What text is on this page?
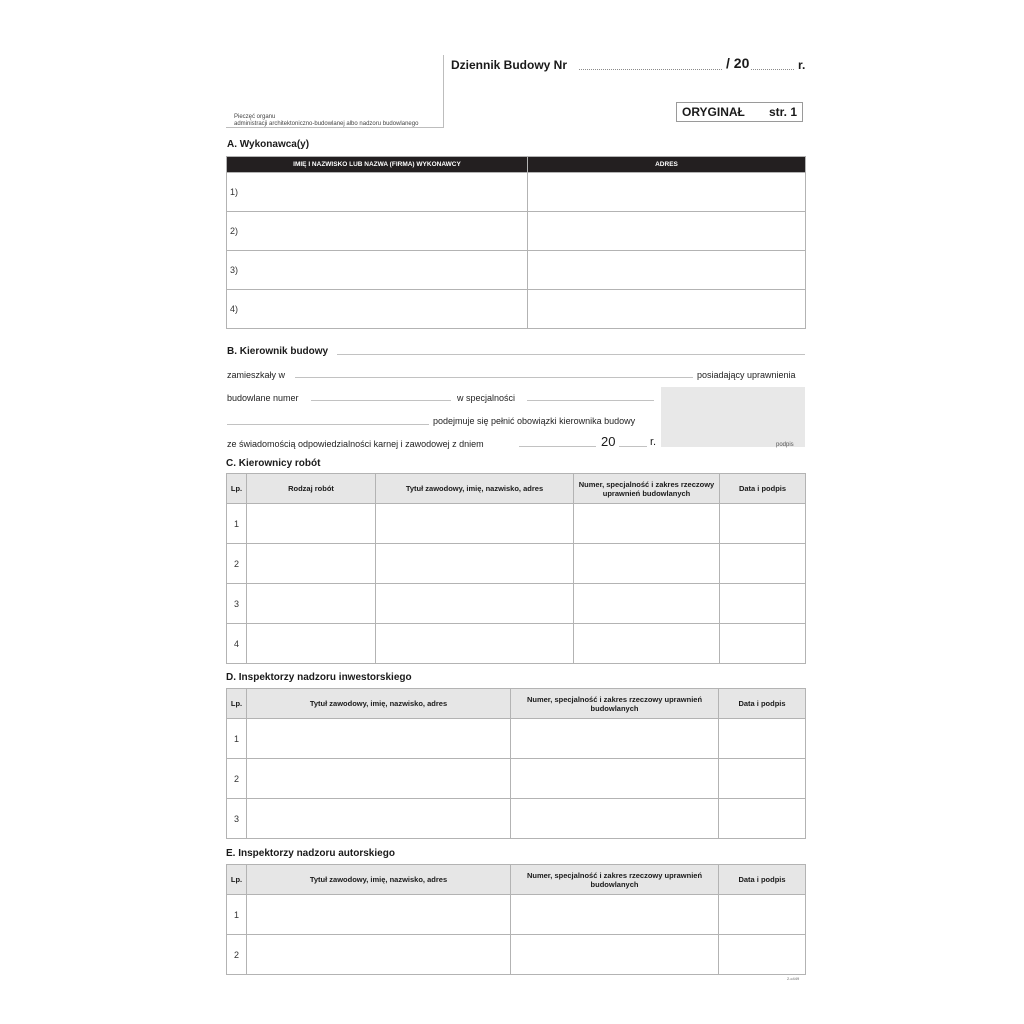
Pieczęć organu
administracji architektoniczno-budowlanej albo nadzoru budowlanego
Dziennik Budowy Nr	/ 20	r.
ORYGINAŁ str. 1
A. Wykonawca(y)
IMIĘ I NAZWISKO LUB NAZWA (FIRMA) WYKONAWCY	ADRES
1)	
2)	
3)	
4)	
B. Kierownik budowy
zamieszkały w	posiadający uprawnienia
budowlane numer	w specjalności
podejmuje się pełnić obowiązki kierownika budowy
ze świadomością odpowiedzialności karnej i zawodowej z dniem	20	r.	podpis
C. Kierownicy robót
Lp.	Rodzaj robót	Tytuł zawodowy, imię, nazwisko, adres	Numer, specjalność i zakres rzeczowy uprawnień budowlanych	Data i podpis
1				
2				
3				
4				
D. Inspektorzy nadzoru inwestorskiego
Lp.	Tytuł zawodowy, imię, nazwisko, adres	Numer, specjalność i zakres rzeczowy uprawnień budowlanych	Data i podpis
1			
2			
3			
E. Inspektorzy nadzoru autorskiego
Lp.	Tytuł zawodowy, imię, nazwisko, adres	Numer, specjalność i zakres rzeczowy uprawnień budowlanych	Data i podpis
1			
2			
2-c449
